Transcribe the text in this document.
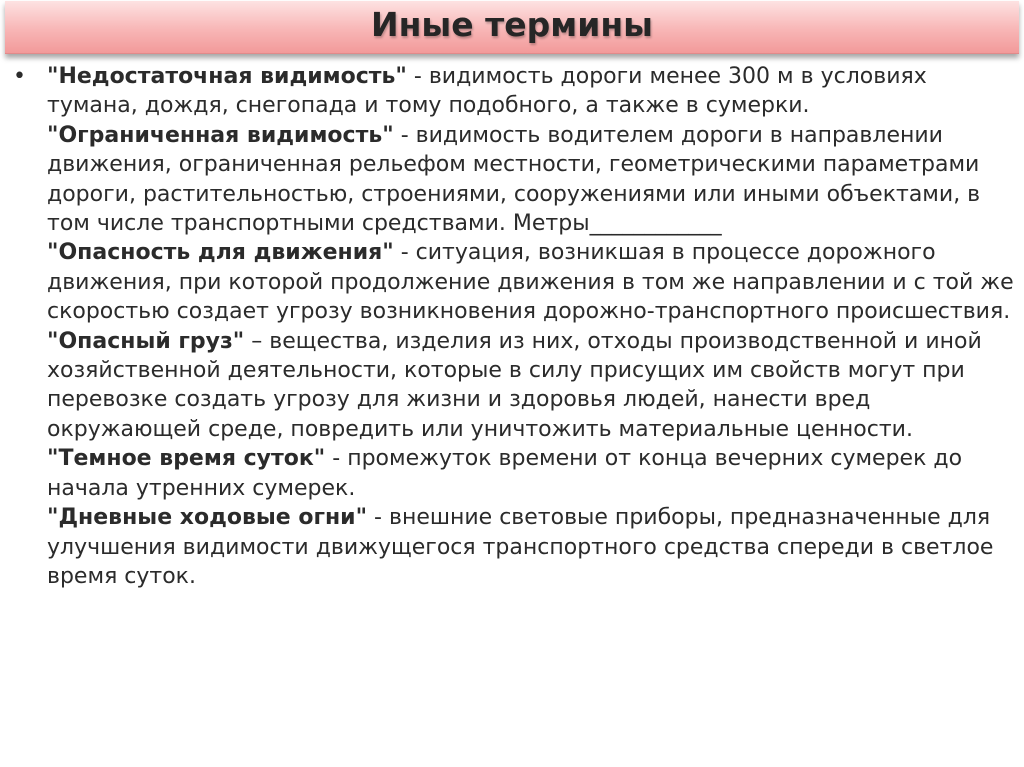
Иные термины
• "Недостаточная видимость" - видимость дороги менее 300 м в условиях тумана, дождя, снегопада и тому подобного, а также в сумерки.

"Ограниченная видимость" - видимость водителем дороги в направлении движения, ограниченная рельефом местности, геометрическими параметрами дороги, растительностью, строениями, сооружениями или иными объектами, в том числе транспортными средствами. Метры____________

"Опасность для движения" - ситуация, возникшая в процессе дорожного движения, при которой продолжение движения в том же направлении и с той же скоростью создает угрозу возникновения дорожно-транспортного происшествия.

"Опасный груз" – вещества, изделия из них, отходы производственной и иной хозяйственной деятельности, которые в силу присущих им свойств могут при перевозке создать угрозу для жизни и здоровья людей, нанести вред окружающей среде, повредить или уничтожить материальные ценности.

"Темное время суток" - промежуток времени от конца вечерних сумерек до начала утренних сумерек.

"Дневные ходовые огни" - внешние световые приборы, предназначенные для улучшения видимости движущегося транспортного средства спереди в светлое время суток.
